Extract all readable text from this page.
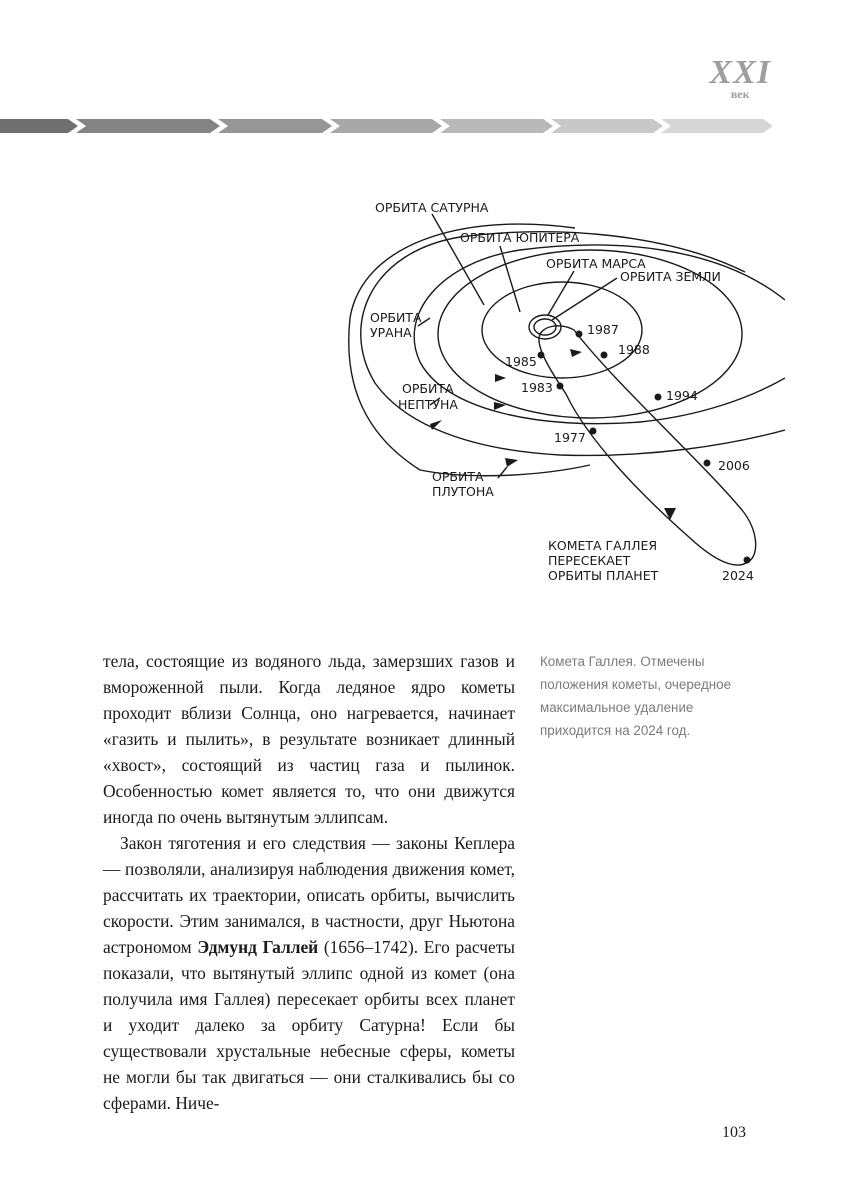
XXI
век
ОРБИТА САТУРНА
ОРБИТА ЮПИТЕРА
ОРБИТА МАРСА
ОРБИТА ЗЕМЛИ
ОРБИТА
УРАНА
ОРБИТА
НЕПТУНА
ОРБИТА
ПЛУТОНА
КОМЕТА ГАЛЛЕЯ
ПЕРЕСЕКАЕТ
ОРБИТЫ ПЛАНЕТ
1985
1987
1988
1983
1994
1977
2006
2024

тела, состоящие из водяного льда, замерзших газов и вмороженной пыли. Когда ледяное ядро кометы проходит вблизи Солнца, оно нагревается, начинает «газить и пылить», в результате возникает длинный «хвост», состоящий из частиц газа и пылинок. Особенностью комет является то, что они движутся иногда по очень вытянутым эллипсам.

Закон тяготения и его следствия — законы Кеплера — позволяли, анализируя наблюдения движения комет, рассчитать их траектории, описать орбиты, вычислить скорости. Этим занимался, в частности, друг Ньютона астрономом Эдмунд Галлей (1656–1742). Его расчеты показали, что вытянутый эллипс одной из комет (она получила имя Галлея) пересекает орбиты всех планет и уходит далеко за орбиту Сатурна! Если бы существовали хрустальные небесные сферы, кометы не могли бы так двигаться — они сталкивались бы со сферами. Ниче-

Комета Галлея. Отмечены положения кометы, очередное максимальное удаление приходится на 2024 год.

103
